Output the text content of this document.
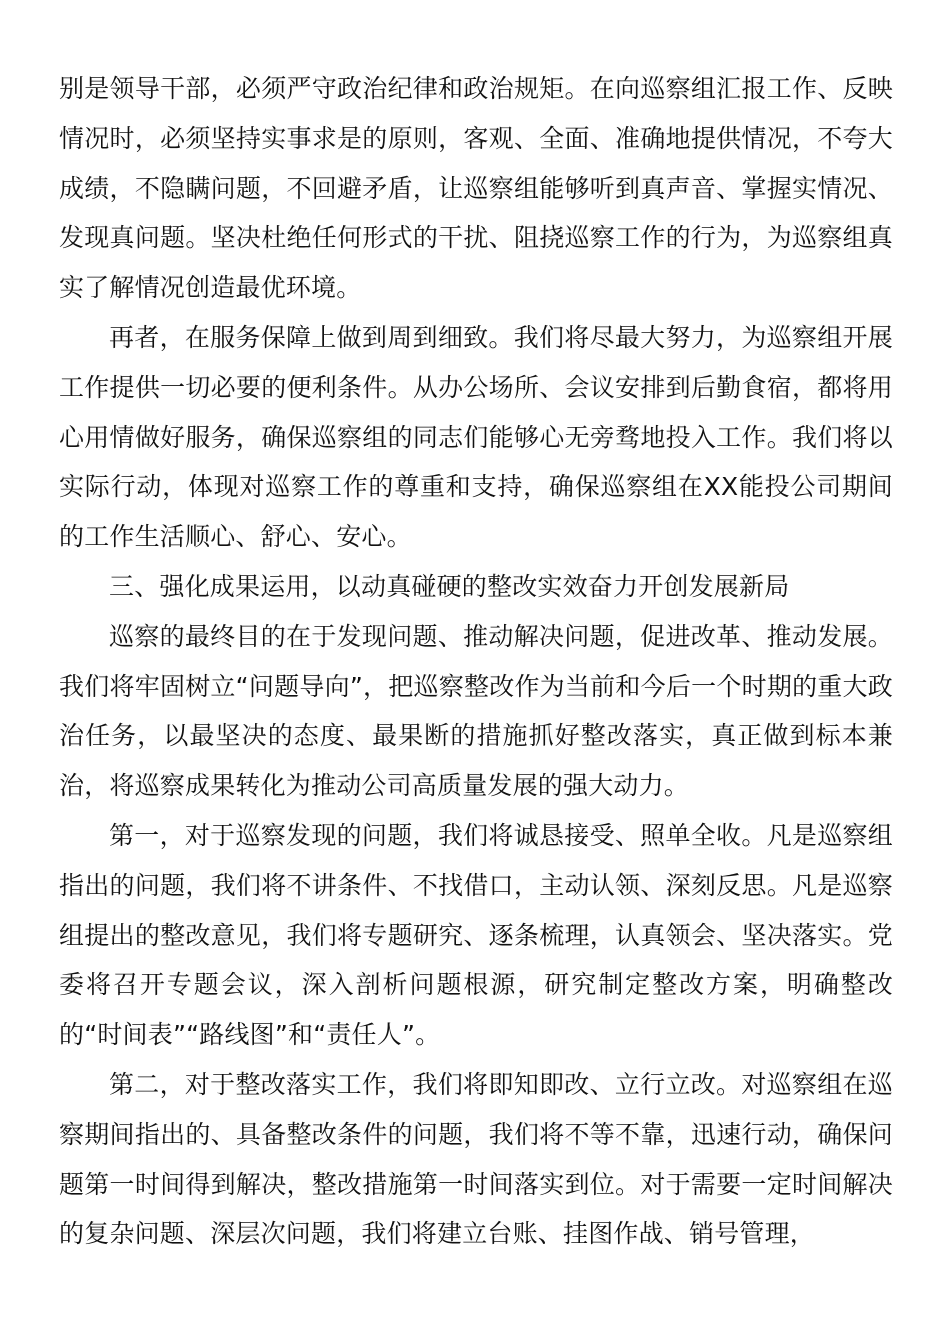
别是领导干部，必须严守政治纪律和政治规矩。在向巡察组汇报工作、反映情况时，必须坚持实事求是的原则，客观、全面、准确地提供情况，不夸大成绩，不隐瞒问题，不回避矛盾，让巡察组能够听到真声音、掌握实情况、发现真问题。坚决杜绝任何形式的干扰、阻挠巡察工作的行为，为巡察组真实了解情况创造最优环境。

再者，在服务保障上做到周到细致。我们将尽最大努力，为巡察组开展工作提供一切必要的便利条件。从办公场所、会议安排到后勤食宿，都将用心用情做好服务，确保巡察组的同志们能够心无旁骛地投入工作。我们将以实际行动，体现对巡察工作的尊重和支持，确保巡察组在XX能投公司期间的工作生活顺心、舒心、安心。

三、强化成果运用，以动真碰硬的整改实效奋力开创发展新局

巡察的最终目的在于发现问题、推动解决问题，促进改革、推动发展。我们将牢固树立“问题导向”，把巡察整改作为当前和今后一个时期的重大政治任务，以最坚决的态度、最果断的措施抓好整改落实，真正做到标本兼治，将巡察成果转化为推动公司高质量发展的强大动力。

第一，对于巡察发现的问题，我们将诚恳接受、照单全收。凡是巡察组指出的问题，我们将不讲条件、不找借口，主动认领、深刻反思。凡是巡察组提出的整改意见，我们将专题研究、逐条梳理，认真领会、坚决落实。党委将召开专题会议，深入剖析问题根源，研究制定整改方案，明确整改的“时间表”“路线图”和“责任人”。

第二，对于整改落实工作，我们将即知即改、立行立改。对巡察组在巡察期间指出的、具备整改条件的问题，我们将不等不靠，迅速行动，确保问题第一时间得到解决，整改措施第一时间落实到位。对于需要一定时间解决的复杂问题、深层次问题，我们将建立台账、挂图作战、销号管理，
